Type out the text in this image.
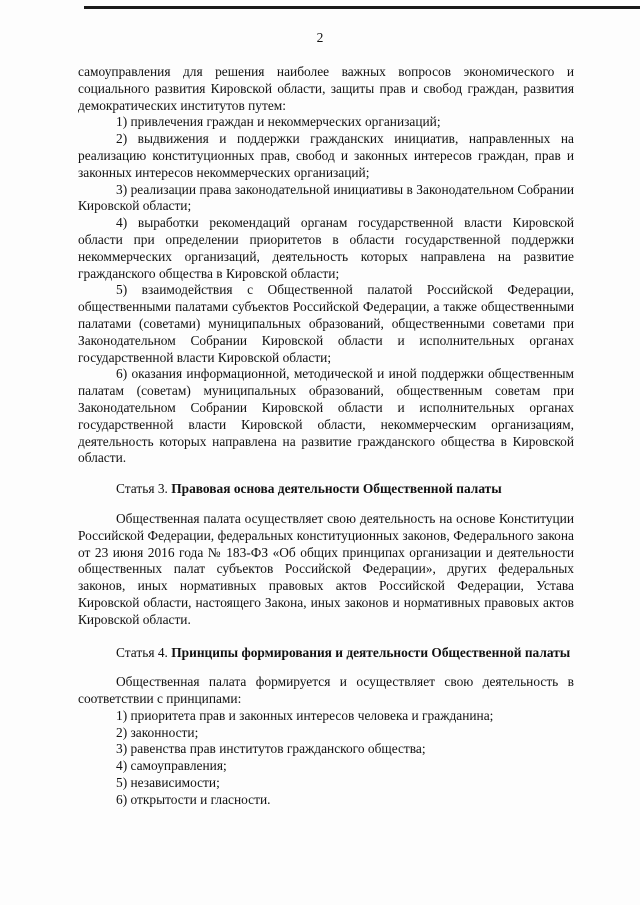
2

самоуправления для решения наиболее важных вопросов экономического и социального развития Кировской области, защиты прав и свобод граждан, развития демократических институтов путем:

1) привлечения граждан и некоммерческих организаций;

2) выдвижения и поддержки гражданских инициатив, направленных на реализацию конституционных прав, свобод и законных интересов граждан, прав и законных интересов некоммерческих организаций;

3) реализации права законодательной инициативы в Законодательном Собрании Кировской области;

4) выработки рекомендаций органам государственной власти Кировской области при определении приоритетов в области государственной поддержки некоммерческих организаций, деятельность которых направлена на развитие гражданского общества в Кировской области;

5) взаимодействия с Общественной палатой Российской Федерации, общественными палатами субъектов Российской Федерации, а также общественными палатами (советами) муниципальных образований, общественными советами при Законодательном Собрании Кировской области и исполнительных органах государственной власти Кировской области;

6) оказания информационной, методической и иной поддержки общественным палатам (советам) муниципальных образований, общественным советам при Законодательном Собрании Кировской области и исполнительных органах государственной власти Кировской области, некоммерческим организациям, деятельность которых направлена на развитие гражданского общества в Кировской области.

Статья 3. Правовая основа деятельности Общественной палаты

Общественная палата осуществляет свою деятельность на основе Конституции Российской Федерации, федеральных конституционных законов, Федерального закона от 23 июня 2016 года № 183-ФЗ «Об общих принципах организации и деятельности общественных палат субъектов Российской Федерации», других федеральных законов, иных нормативных правовых актов Российской Федерации, Устава Кировской области, настоящего Закона, иных законов и нормативных правовых актов Кировской области.

Статья 4. Принципы формирования и деятельности Общественной палаты

Общественная палата формируется и осуществляет свою деятельность в соответствии с принципами:

1) приоритета прав и законных интересов человека и гражданина;

2) законности;

3) равенства прав институтов гражданского общества;

4) самоуправления;

5) независимости;

6) открытости и гласности.
